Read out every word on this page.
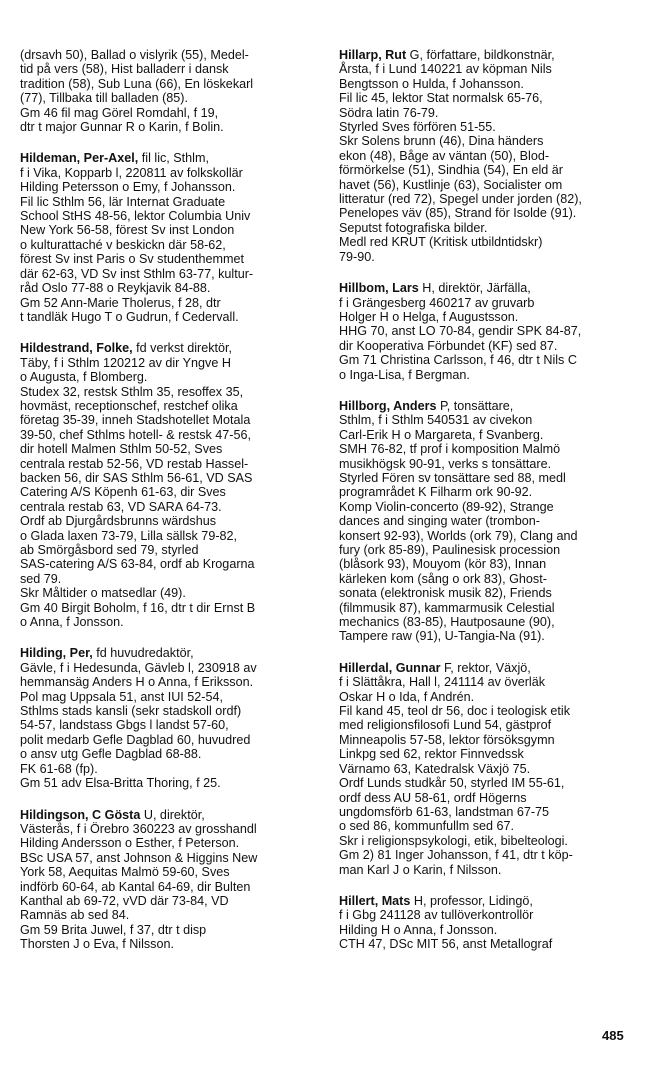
(drsavh 50), Ballad o vislyrik (55), Medel-
tid på vers (58), Hist balladerr i dansk
tradition (58), Sub Luna (66), En löskekarl
(77), Tillbaka till balladen (85).
Gm 46 fil mag Görel Romdahl, f 19,
dtr t major Gunnar R o Karin, f Bolin.
Hildeman, Per-Axel, fil lic, Sthlm,
f i Vika, Kopparb l, 220811 av folkskollär
Hilding Petersson o Emy, f Johansson.
Fil lic Sthlm 56, lär Internat Graduate
School StHS 48-56, lektor Columbia Univ
New York 56-58, förest Sv inst London
o kulturattaché v beskickn där 58-62,
förest Sv inst Paris o Sv studenthemmet
där 62-63, VD Sv inst Sthlm 63-77, kultur-
råd Oslo 77-88 o Reykjavik 84-88.
Gm 52 Ann-Marie Tholerus, f 28, dtr
t tandläk Hugo T o Gudrun, f Cedervall.
Hildestrand, Folke, fd verkst direktör,
Täby, f i Sthlm 120212 av dir Yngve H
o Augusta, f Blomberg.
Studex 32, restsk Sthlm 35, resoffex 35,
hovmäst, receptionschef, restchef olika
företag 35-39, inneh Stadshotellet Motala
39-50, chef Sthlms hotell- & restsk 47-56,
dir hotell Malmen Sthlm 50-52, Sves
centrala restab 52-56, VD restab Hassel-
backen 56, dir SAS Sthlm 56-61, VD SAS
Catering A/S Köpenh 61-63, dir Sves
centrala restab 63, VD SARA 64-73.
Ordf ab Djurgårdsbrunns wärdshus
o Glada laxen 73-79, Lilla sällsk 79-82,
ab Smörgåsbord sed 79, styrled
SAS-catering A/S 63-84, ordf ab Krogarna
sed 79.
Skr Måltider o matsedlar (49).
Gm 40 Birgit Boholm, f 16, dtr t dir Ernst B
o Anna, f Jonsson.
Hilding, Per, fd huvudredaktör,
Gävle, f i Hedesunda, Gävleb l, 230918 av
hemmansäg Anders H o Anna, f Eriksson.
Pol mag Uppsala 51, anst IUI 52-54,
Sthlms stads kansli (sekr stadskoll ordf)
54-57, landstass Gbgs l landst 57-60,
polit medarb Gefle Dagblad 60, huvudred
o ansv utg Gefle Dagblad 68-88.
FK 61-68 (fp).
Gm 51 adv Elsa-Britta Thoring, f 25.
Hildingson, C Gösta U, direktör,
Västerås, f i Örebro 360223 av grosshandl
Hilding Andersson o Esther, f Peterson.
BSc USA 57, anst Johnson & Higgins New
York 58, Aequitas Malmö 59-60, Sves
indförb 60-64, ab Kantal 64-69, dir Bulten
Kanthal ab 69-72, vVD där 73-84, VD
Ramnäs ab sed 84.
Gm 59 Brita Juwel, f 37, dtr t disp
Thorsten J o Eva, f Nilsson.
Hillarp, Rut G, författare, bildkonstnär,
Årsta, f i Lund 140221 av köpman Nils
Bengtsson o Hulda, f Johansson.
Fil lic 45, lektor Stat normalsk 65-76,
Södra latin 76-79.
Styrled Sves förfören 51-55.
Skr Solens brunn (46), Dina händers
ekon (48), Båge av väntan (50), Blod-
förmörkelse (51), Sindhia (54), En eld är
havet (56), Kustlinje (63), Socialister om
litteratur (red 72), Spegel under jorden (82),
Penelopes väv (85), Strand för Isolde (91).
Seputst fotografiska bilder.
Medl red KRUT (Kritisk utbildntidskr)
79-90.
Hillbom, Lars H, direktör, Järfälla,
f i Grängesberg 460217 av gruvarb
Holger H o Helga, f Augustsson.
HHG 70, anst LO 70-84, gendir SPK 84-87,
dir Kooperativa Förbundet (KF) sed 87.
Gm 71 Christina Carlsson, f 46, dtr t Nils C
o Inga-Lisa, f Bergman.
Hillborg, Anders P, tonsättare,
Sthlm, f i Sthlm 540531 av civekon
Carl-Erik H o Margareta, f Svanberg.
SMH 76-82, tf prof i komposition Malmö
musikhögsk 90-91, verks s tonsättare.
Styrled Fören sv tonsättare sed 88, medl
programrådet K Filharm ork 90-92.
Komp Violin-concerto (89-92), Strange
dances and singing water (trombon-
konsert 92-93), Worlds (ork 79), Clang and
fury (ork 85-89), Paulinesisk procession
(blåsork 93), Mouyom (kör 83), Innan
kärleken kom (sång o ork 83), Ghost-
sonata (elektronisk musik 82), Friends
(filmmusik 87), kammarmusik Celestial
mechanics (83-85), Hautposaune (90),
Tampere raw (91), U-Tangia-Na (91).
Hillerdal, Gunnar F, rektor, Växjö,
f i Slättåkra, Hall l, 241114 av överläk
Oskar H o Ida, f Andrén.
Fil kand 45, teol dr 56, doc i teologisk etik
med religionsfilosofi Lund 54, gästprof
Minneapolis 57-58, lektor försöksgymn
Linkpg sed 62, rektor Finnvedssk
Värnamo 63, Katedralsk Växjö 75.
Ordf Lunds studkår 50, styrled IM 55-61,
ordf dess AU 58-61, ordf Högerns
ungdomsförb 61-63, landstman 67-75
o sed 86, kommunfullm sed 67.
Skr i religionspsykologi, etik, bibelteologi.
Gm 2) 81 Inger Johansson, f 41, dtr t köp-
man Karl J o Karin, f Nilsson.
Hillert, Mats H, professor, Lidingö,
f i Gbg 241128 av tullöverkontrollör
Hilding H o Anna, f Jonsson.
CTH 47, DSc MIT 56, anst Metallograf
485
